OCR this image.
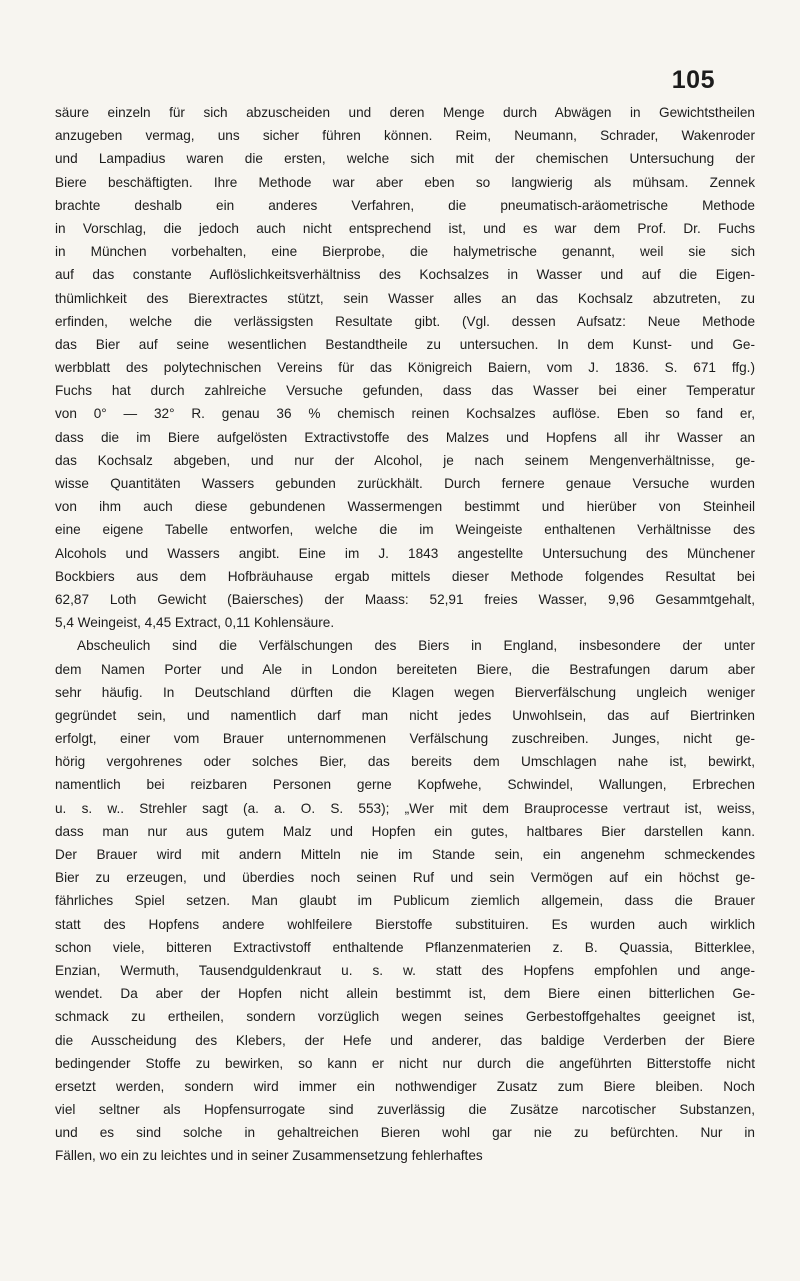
105
säure einzeln für sich abzuscheiden und deren Menge durch Abwägen in Gewichtstheilen
anzugeben vermag, uns sicher führen können. Reim, Neumann, Schrader, Wakenroder
und Lampadius waren die ersten, welche sich mit der chemischen Untersuchung der
Biere beschäftigten. Ihre Methode war aber eben so langwierig als mühsam. Zennek
brachte deshalb ein anderes Verfahren, die pneumatisch-aräometrische Methode
in Vorschlag, die jedoch auch nicht entsprechend ist, und es war dem Prof. Dr. Fuchs
in München vorbehalten, eine Bierprobe, die halymetrische genannt, weil sie sich
auf das constante Auflöslichkeitsverhältniss des Kochsalzes in Wasser und auf die Eigen-
thümlichkeit des Bierextractes stützt, sein Wasser alles an das Kochsalz abzutreten, zu
erfinden, welche die verlässigsten Resultate gibt. (Vgl. dessen Aufsatz: Neue Methode
das Bier auf seine wesentlichen Bestandtheile zu untersuchen. In dem Kunst- und Ge-
werbblatt des polytechnischen Vereins für das Königreich Baiern, vom J. 1836. S. 671 ffg.)
Fuchs hat durch zahlreiche Versuche gefunden, dass das Wasser bei einer Temperatur
von 0° — 32° R. genau 36 % chemisch reinen Kochsalzes auflöse. Eben so fand er,
dass die im Biere aufgelösten Extractivstoffe des Malzes und Hopfens all ihr Wasser an
das Kochsalz abgeben, und nur der Alcohol, je nach seinem Mengenverhältnisse, ge-
wisse Quantitäten Wassers gebunden zurückhält. Durch fernere genaue Versuche wurden
von ihm auch diese gebundenen Wassermengen bestimmt und hierüber von Steinheil
eine eigene Tabelle entworfen, welche die im Weingeiste enthaltenen Verhältnisse des
Alcohols und Wassers angibt. Eine im J. 1843 angestellte Untersuchung des Münchener
Bockbiers aus dem Hofbräuhause ergab mittels dieser Methode folgendes Resultat bei
62,87 Loth Gewicht (Baiersches) der Maass: 52,91 freies Wasser, 9,96 Gesammtgehalt,
5,4 Weingeist, 4,45 Extract, 0,11 Kohlensäure.
Abscheulich sind die Verfälschungen des Biers in England, insbesondere der unter
dem Namen Porter und Ale in London bereiteten Biere, die Bestrafungen darum aber
sehr häufig. In Deutschland dürften die Klagen wegen Bierverfälschung ungleich weniger
gegründet sein, und namentlich darf man nicht jedes Unwohlsein, das auf Biertrinken
erfolgt, einer vom Brauer unternommenen Verfälschung zuschreiben. Junges, nicht ge-
hörig vergohrenes oder solches Bier, das bereits dem Umschlagen nahe ist, bewirkt,
namentlich bei reizbaren Personen gerne Kopfwehe, Schwindel, Wallungen, Erbrechen
u. s. w.. Strehler sagt (a. a. O. S. 553); „Wer mit dem Brauprocesse vertraut ist, weiss,
dass man nur aus gutem Malz und Hopfen ein gutes, haltbares Bier darstellen kann.
Der Brauer wird mit andern Mitteln nie im Stande sein, ein angenehm schmeckendes
Bier zu erzeugen, und überdies noch seinen Ruf und sein Vermögen auf ein höchst ge-
fährliches Spiel setzen. Man glaubt im Publicum ziemlich allgemein, dass die Brauer
statt des Hopfens andere wohlfeilere Bierstoffe substituiren. Es wurden auch wirklich
schon viele, bitteren Extractivstoff enthaltende Pflanzenmaterien z. B. Quassia, Bitterklee,
Enzian, Wermuth, Tausendguldenkraut u. s. w. statt des Hopfens empfohlen und ange-
wendet. Da aber der Hopfen nicht allein bestimmt ist, dem Biere einen bitterlichen Ge-
schmack zu ertheilen, sondern vorzüglich wegen seines Gerbestoffgehaltes geeignet ist,
die Ausscheidung des Klebers, der Hefe und anderer, das baldige Verderben der Biere
bedingender Stoffe zu bewirken, so kann er nicht nur durch die angeführten Bitterstoffe nicht
ersetzt werden, sondern wird immer ein nothwendiger Zusatz zum Biere bleiben. Noch
viel seltner als Hopfensurrogate sind zuverlässig die Zusätze narcotischer Substanzen,
und es sind solche in gehaltreichen Bieren wohl gar nie zu befürchten. Nur in
Fällen, wo ein zu leichtes und in seiner Zusammensetzung fehlerhaftes
